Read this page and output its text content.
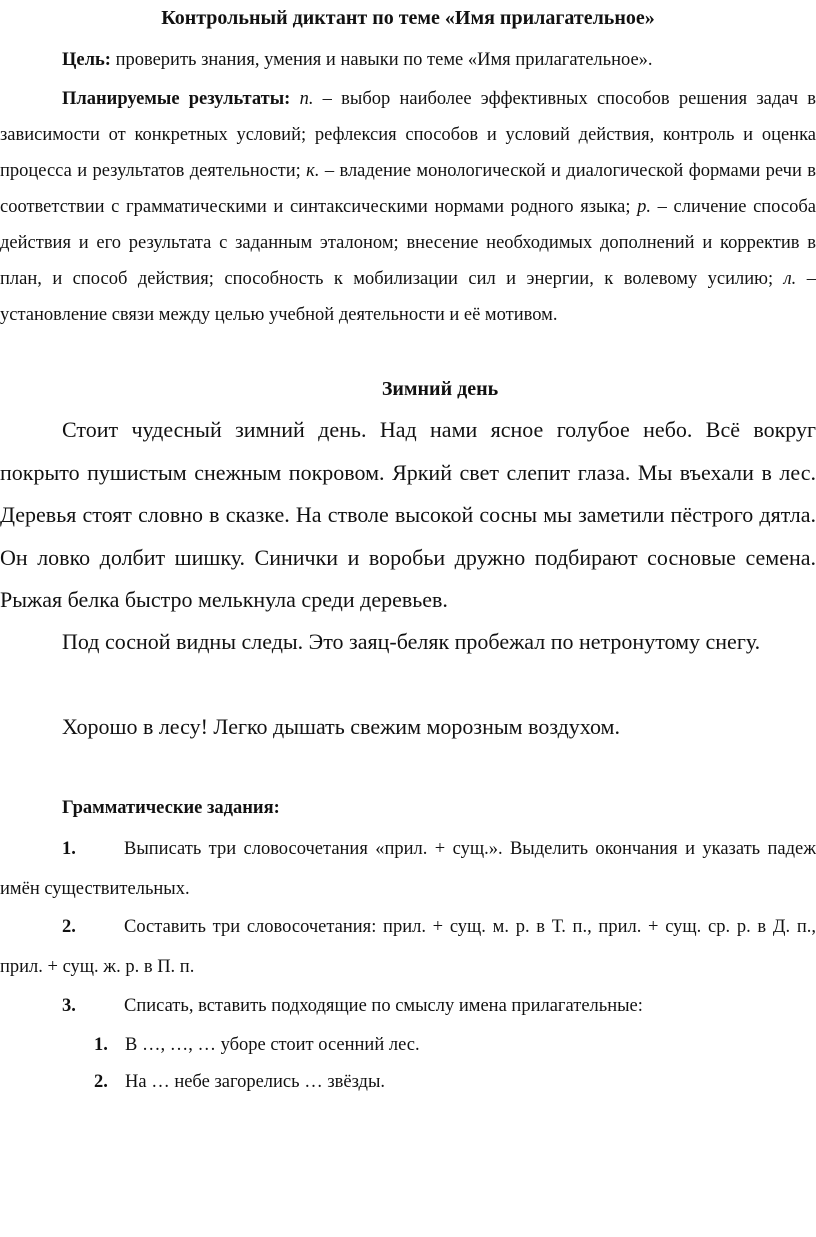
Контрольный диктант по теме «Имя прилагательное»
Цель: проверить знания, умения и навыки по теме «Имя прилагательное».
Планируемые результаты: п. – выбор наиболее эффективных способов решения задач в зависимости от конкретных условий; рефлексия способов и условий действия, контроль и оценка процесса и результатов деятельности; к. – владение монологической и диалогической формами речи в соответствии с грамматическими и синтаксическими нормами родного языка; р. – сличение способа действия и его результата с заданным эталоном; внесение необходимых дополнений и корректив в план, и способ действия; способность к мобилизации сил и энергии, к волевому усилию; л. – установление связи между целью учебной деятельности и её мотивом.
Зимний день

Стоит чудесный зимний день. Над нами ясное голубое небо. Всё вокруг покрыто пушистым снежным покровом. Яркий свет слепит глаза. Мы въехали в лес. Деревья стоят словно в сказке. На стволе высокой сосны мы заметили пёстрого дятла. Он ловко долбит шишку. Синички и воробьи дружно подбирают сосновые семена. Рыжая белка быстро мелькнула среди деревьев.

Под сосной видны следы. Это заяц-беляк пробежал по нетронутому снегу.

Хорошо в лесу! Легко дышать свежим морозным воздухом.

Грамматические задания:
1.	Выписать три словосочетания «прил. + сущ.». Выделить окончания и указать падеж имён существительных.
2.	Составить три словосочетания: прил. + сущ. м. р. в Т. п., прил. + сущ. ср. р. в Д. п., прил. + сущ. ж. р. в П. п.
3.	Списать, вставить подходящие по смыслу имена прилагательные:
1. В …, …, … уборе стоит осенний лес.
2. На … небе загорелись … звёзды.
